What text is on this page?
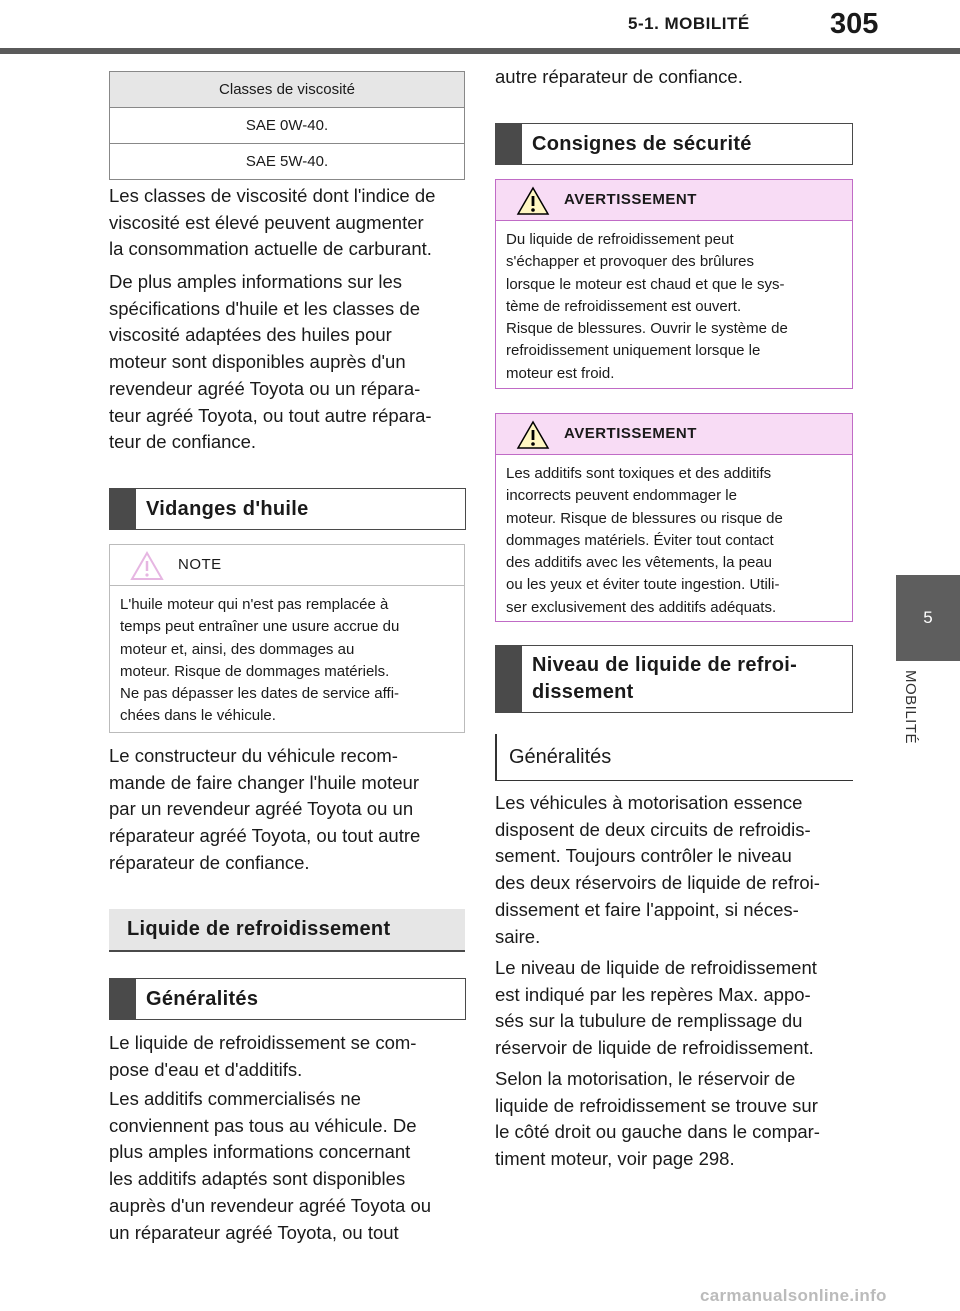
5-1. MOBILITÉ	305
5
MOBILITÉ
Classes de viscosité
SAE 0W-40.
SAE 5W-40.
Les classes de viscosité dont l'indice de
viscosité est élevé peuvent augmenter
la consommation actuelle de carburant.
De plus amples informations sur les
spécifications d'huile et les classes de
viscosité adaptées des huiles pour
moteur sont disponibles auprès d'un
revendeur agréé Toyota ou un répara-
teur agréé Toyota, ou tout autre répara-
teur de confiance.
Vidanges d'huile
NOTE
L'huile moteur qui n'est pas remplacée à
temps peut entraîner une usure accrue du
moteur et, ainsi, des dommages au
moteur. Risque de dommages matériels.
Ne pas dépasser les dates de service affi-
chées dans le véhicule.
Le constructeur du véhicule recom-
mande de faire changer l'huile moteur
par un revendeur agréé Toyota ou un
réparateur agréé Toyota, ou tout autre
réparateur de confiance.
Liquide de refroidissement
Généralités
Le liquide de refroidissement se com-
pose d'eau et d'additifs.
Les additifs commercialisés ne
conviennent pas tous au véhicule. De
plus amples informations concernant
les additifs adaptés sont disponibles
auprès d'un revendeur agréé Toyota ou
un réparateur agréé Toyota, ou tout
autre réparateur de confiance.
Consignes de sécurité
AVERTISSEMENT
Du liquide de refroidissement peut
s'échapper et provoquer des brûlures
lorsque le moteur est chaud et que le sys-
tème de refroidissement est ouvert.
Risque de blessures. Ouvrir le système de
refroidissement uniquement lorsque le
moteur est froid.
AVERTISSEMENT
Les additifs sont toxiques et des additifs
incorrects peuvent endommager le
moteur. Risque de blessures ou risque de
dommages matériels. Éviter tout contact
des additifs avec les vêtements, la peau
ou les yeux et éviter toute ingestion. Utili-
ser exclusivement des additifs adéquats.
Niveau de liquide de refroi-
dissement
Généralités
Les véhicules à motorisation essence
disposent de deux circuits de refroidis-
sement. Toujours contrôler le niveau
des deux réservoirs de liquide de refroi-
dissement et faire l'appoint, si néces-
saire.
Le niveau de liquide de refroidissement
est indiqué par les repères Max. appo-
sés sur la tubulure de remplissage du
réservoir de liquide de refroidissement.
Selon la motorisation, le réservoir de
liquide de refroidissement se trouve sur
le côté droit ou gauche dans le compar-
timent moteur, voir page 298.
carmanualsonline.info
